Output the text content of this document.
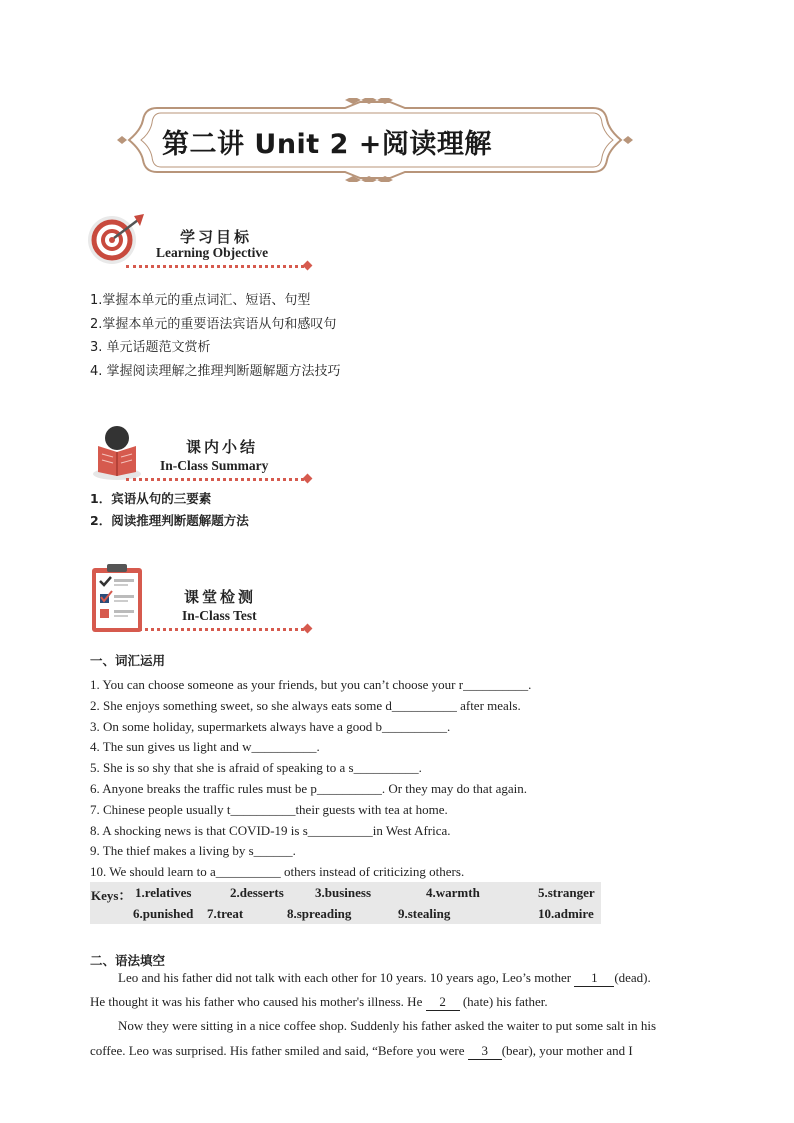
第二讲 Unit 2 +阅读理解
学习目标
Learning Objective
1.掌握本单元的重点词汇、短语、句型
2.掌握本单元的重要语法宾语从句和感叹句
3. 单元话题范文赏析
4. 掌握阅读理解之推理判断题解题方法技巧
课内小结
In-Class Summary
1．宾语从句的三要素
2．阅读推理判断题解题方法
课堂检测
In-Class Test
一、词汇运用
1. You can choose someone as your friends, but you can’t choose your r__________.
2. She enjoys something sweet, so she always eats some d__________ after meals.
3. On some holiday, supermarkets always have a good b__________.
4. The sun gives us light and w__________.
5. She is so shy that she is afraid of speaking to a s__________.
6. Anyone breaks the traffic rules must be p__________. Or they may do that again.
7. Chinese people usually t__________their guests with tea at home.
8. A shocking news is that COVID-19 is s__________in West Africa.
9. The thief makes a living by s______.
10. We should learn to a__________ others instead of criticizing others.
Keys： 1.relatives	2.desserts 3.business	4.warmth	5.stranger
6.punished 7.treat	8.spreading	9.stealing	10.admire
二、语法填空
Leo and his father did not talk with each other for 10 years. 10 years ago, Leo’s mother 1 (dead).
He thought it was his father who caused his mother's illness. He 2 (hate) his father.
Now they were sitting in a nice coffee shop. Suddenly his father asked the waiter to put some salt in his
coffee. Leo was surprised. His father smiled and said, “Before you were 3 (bear), your mother and I
